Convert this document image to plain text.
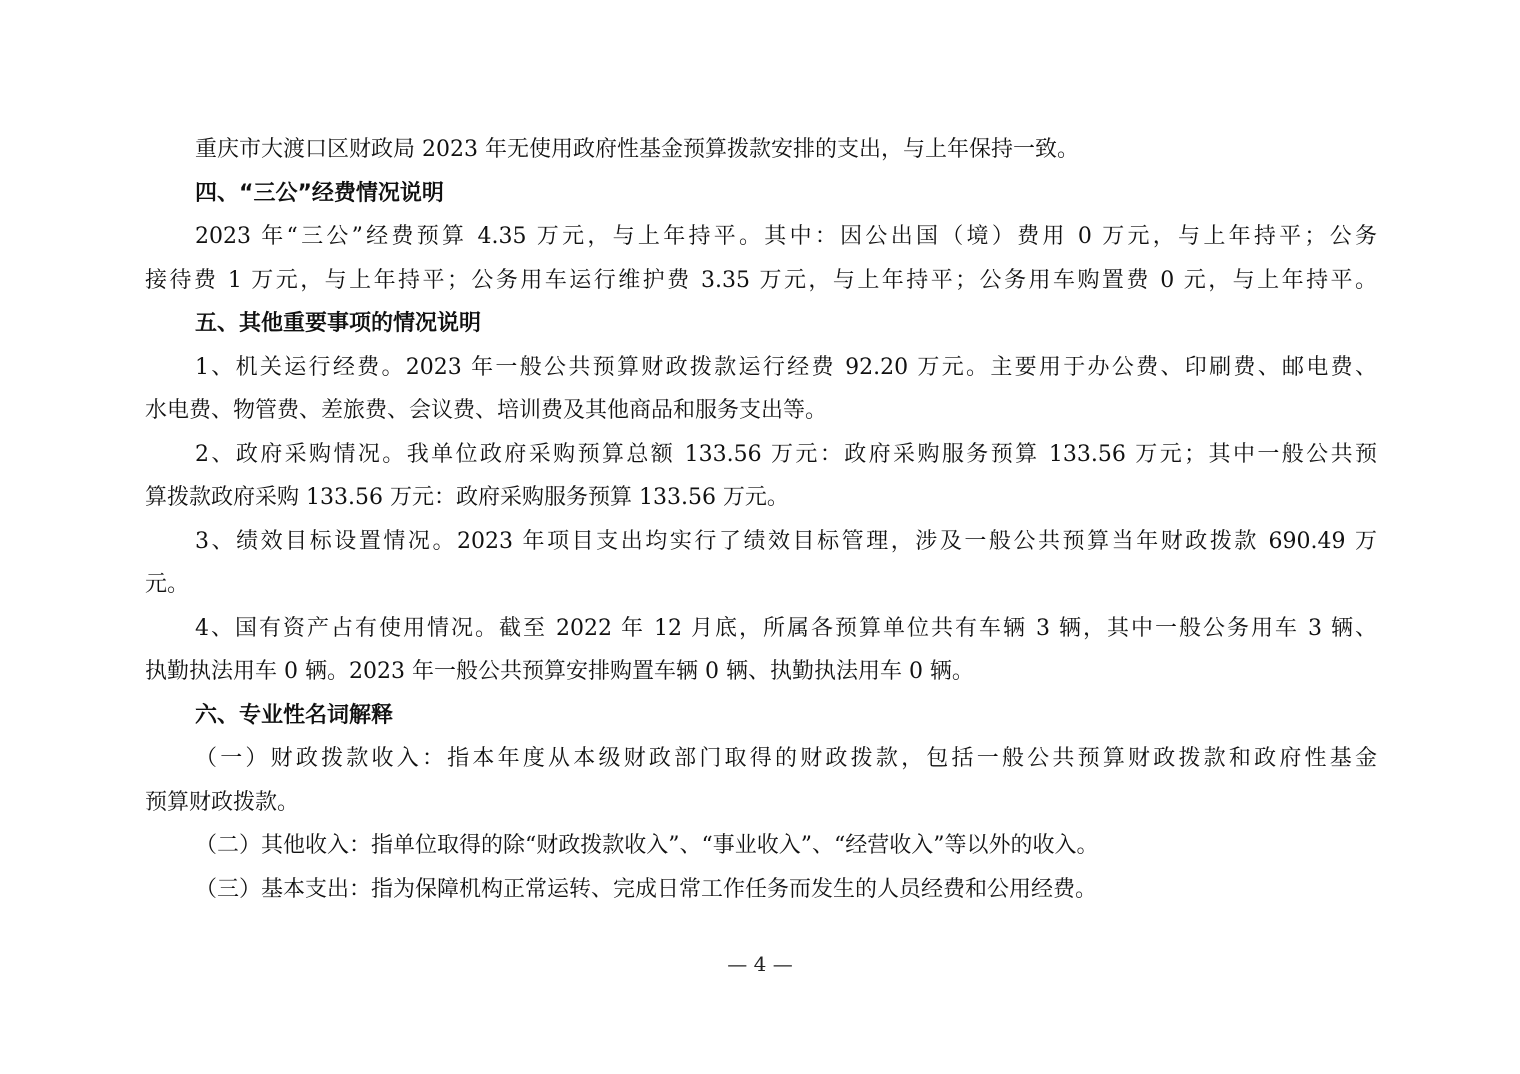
重庆市大渡口区财政局 2023 年无使用政府性基金预算拨款安排的支出，与上年保持一致。
四、“三公”经费情况说明
2023 年“三公”经费预算 4.35 万元，与上年持平。其中：因公出国（境）费用 0 万元，与上年持平；公务
接待费 1 万元，与上年持平；公务用车运行维护费 3.35 万元，与上年持平；公务用车购置费 0 元，与上年持平。
五、其他重要事项的情况说明
1、机关运行经费。2023 年一般公共预算财政拨款运行经费 92.20 万元。主要用于办公费、印刷费、邮电费、
水电费、物管费、差旅费、会议费、培训费及其他商品和服务支出等。
2、政府采购情况。我单位政府采购预算总额 133.56 万元：政府采购服务预算 133.56 万元；其中一般公共预
算拨款政府采购 133.56 万元：政府采购服务预算 133.56 万元。
3、绩效目标设置情况。2023 年项目支出均实行了绩效目标管理，涉及一般公共预算当年财政拨款 690.49 万
元。
4、国有资产占有使用情况。截至 2022 年 12 月底，所属各预算单位共有车辆 3 辆，其中一般公务用车 3 辆、
执勤执法用车 0 辆。2023 年一般公共预算安排购置车辆 0 辆、执勤执法用车 0 辆。
六、专业性名词解释
（一）财政拨款收入：指本年度从本级财政部门取得的财政拨款，包括一般公共预算财政拨款和政府性基金
预算财政拨款。
（二）其他收入：指单位取得的除“财政拨款收入”、“事业收入”、“经营收入”等以外的收入。
（三）基本支出：指为保障机构正常运转、完成日常工作任务而发生的人员经费和公用经费。
— 4 —
